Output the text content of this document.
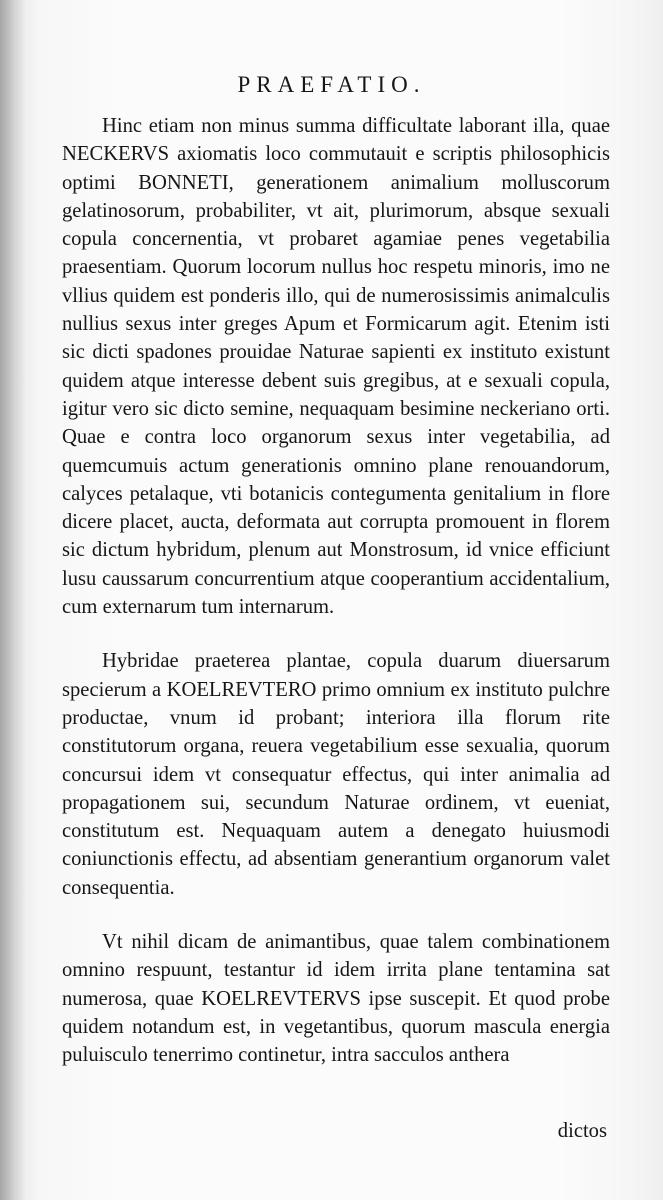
PRAEFATIO.

Hinc etiam non minus summa difficultate laborant illa, quae NECKERVS axiomatis loco commutauit e scriptis philosophicis optimi BONNETI, generationem animalium molluscorum gelatinosorum, probabiliter, vt ait, plurimorum, absque sexuali copula concernentia, vt probaret agamiae penes vegetabilia praesentiam. Quorum locorum nullus hoc respetu minoris, imo ne vllius quidem est ponderis illo, qui de numerosissimis animalculis nullius sexus inter greges Apum et Formicarum agit. Etenim isti sic dicti spadones prouidae Naturae sapienti ex instituto existunt quidem atque interesse debent suis gregibus, at e sexuali copula, igitur vero sic dicto semine, nequaquam besimine neckeriano orti. Quae e contra loco organorum sexus inter vegetabilia, ad quemcumuis actum generationis omnino plane renouandorum, calyces petalaque, vti botanicis contegumenta genitalium in flore dicere placet, aucta, deformata aut corrupta promouent in florem sic dictum hybridum, plenum aut Monstrosum, id vnice efficiunt lusu caussarum concurrentium atque cooperantium accidentalium, cum externarum tum internarum.

Hybridae praeterea plantae, copula duarum diuersarum specierum a KOELREVTERO primo omnium ex instituto pulchre productae, vnum id probant; interiora illa florum rite constitutorum organa, reuera vegetabilium esse sexualia, quorum concursui idem vt consequatur effectus, qui inter animalia ad propagationem sui, secundum Naturae ordinem, vt eueniat, constitutum est. Nequaquam autem a denegato huiusmodi coniunctionis effectu, ad absentiam generantium organorum valet consequentia.

Vt nihil dicam de animantibus, quae talem combinationem omnino respuunt, testantur id idem irrita plane tentamina sat numerosa, quae KOELREVTERVS ipse suscepit. Et quod probe quidem notandum est, in vegetantibus, quorum mascula energia puluisculo tenerrimo continetur, intra sacculos anthera

dictos
